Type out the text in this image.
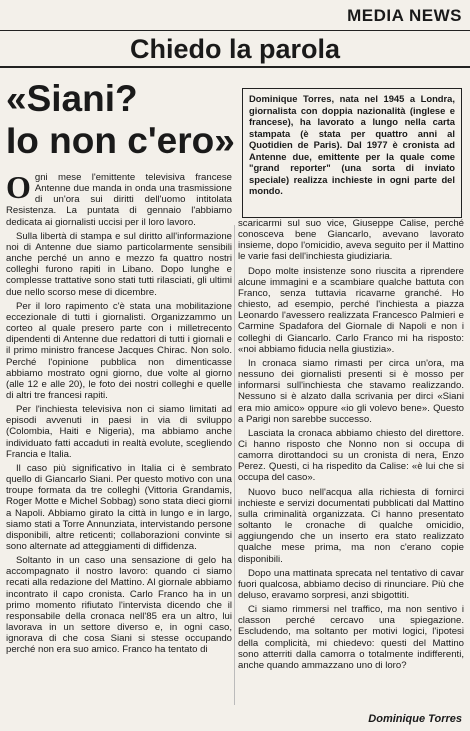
MEDIA NEWS
Chiedo la parola
«Siani?
Io non c'ero»
Dominique Torres, nata nel 1945 a Londra, giornalista con doppia nazionalità (inglese e francese), ha lavorato a lungo nella carta stampata (è stata per quattro anni al Quotidien de Paris). Dal 1977 è cronista ad Antenne due, emittente per la quale come "grand reporter" (una sorta di inviato speciale) realizza inchieste in ogni parte del mondo.

Ogni mese l'emittente televisiva francese Antenne due manda in onda una trasmissione di un'ora sui diritti dell'uomo intitolata Resistenza. La puntata di gennaio l'abbiamo dedicata ai giornalisti uccisi per il loro lavoro.

Sulla libertà di stampa e sul diritto all'informazione noi di Antenne due siamo particolarmente sensibili anche perché un anno e mezzo fa quattro nostri colleghi furono rapiti in Libano. Dopo lunghe e complesse trattative sono stati tutti rilasciati, gli ultimi due nello scorso mese di dicembre.

Per il loro rapimento c'è stata una mobilitazione eccezionale di tutti i giornalisti. Organizzammo un corteo al quale presero parte con i milletrecento dipendenti di Antenne due redattori di tutti i giornali e il primo ministro francese Jacques Chirac. Non solo. Perché l'opinione pubblica non dimenticasse abbiamo mostrato ogni giorno, due volte al giorno (alle 12 e alle 20), le foto dei nostri colleghi e quelle di altri tre francesi rapiti.

Per l'inchiesta televisiva non ci siamo limitati ad episodi avvenuti in paesi in via di sviluppo (Colombia, Haiti e Nigeria), ma abbiamo anche individuato fatti accaduti in realtà evolute, scegliendo Francia e Italia.

Il caso più significativo in Italia ci è sembrato quello di Giancarlo Siani. Per questo motivo con una troupe formata da tre colleghi (Vittoria Grandamis, Roger Motte e Michel Sobbag) sono stata dieci giorni a Napoli. Abbiamo girato la città in lungo e in largo, siamo stati a Torre Annunziata, intervistando persone disponibili, altre reticenti; collaborazioni convinte si sono alternate ad atteggiamenti di diffidenza.

Soltanto in un caso una sensazione di gelo ha accompagnato il nostro lavoro: quando ci siamo recati alla redazione del Mattino. Al giornale abbiamo incontrato il capo cronista. Carlo Franco ha in un primo momento rifiutato l'intervista dicendo che il responsabile della cronaca nell'85 era un altro, lui lavorava in un settore diverso e, in ogni caso, ignorava di che cosa Siani si stesse occupando perché non era suo amico. Franco ha tentato di

scaricarmi sul suo vice, Giuseppe Calise, perché conosceva bene Giancarlo, avevano lavorato insieme, dopo l'omicidio, aveva seguito per il Mattino le varie fasi dell'inchiesta giudiziaria.

Dopo molte insistenze sono riuscita a riprendere alcune immagini e a scambiare qualche battuta con Franco, senza tuttavia ricavarne granché. Ho chiesto, ad esempio, perché l'inchiesta a piazza Leonardo l'avessero realizzata Francesco Palmieri e Carmine Spadafora del Giornale di Napoli e non i colleghi di Giancarlo. Carlo Franco mi ha risposto: «noi abbiamo fiducia nella giustizia».

In cronaca siamo rimasti per circa un'ora, ma nessuno dei giornalisti presenti si è mosso per informarsi sull'inchiesta che stavamo realizzando. Nessuno si è alzato dalla scrivania per dirci «Siani era mio amico» oppure «io gli volevo bene». Questo a Parigi non sarebbe successo.

Lasciata la cronaca abbiamo chiesto del direttore. Ci hanno risposto che Nonno non si occupa di camorra dirottandoci su un cronista di nera, Enzo Perez. Questi, ci ha rispedito da Calise: «è lui che si occupa del caso».

Nuovo buco nell'acqua alla richiesta di fornirci inchieste e servizi documentati pubblicati dal Mattino sulla criminalità organizzata. Ci hanno presentato soltanto le cronache di qualche omicidio, aggiungendo che un inserto era stato realizzato qualche mese prima, ma non c'erano copie disponibili.

Dopo una mattinata sprecata nel tentativo di cavar fuori qualcosa, abbiamo deciso di rinunciare. Più che deluso, eravamo sorpresi, anzi sbigottiti.

Ci siamo rimmersi nel traffico, ma non sentivo i classon perché cercavo una spiegazione. Escludendo, ma soltanto per motivi logici, l'ipotesi della complicità, mi chiedevo: questi del Mattino sono atterriti dalla camorra o totalmente indifferenti, anche quando ammazzano uno di loro?

Dominique Torres
